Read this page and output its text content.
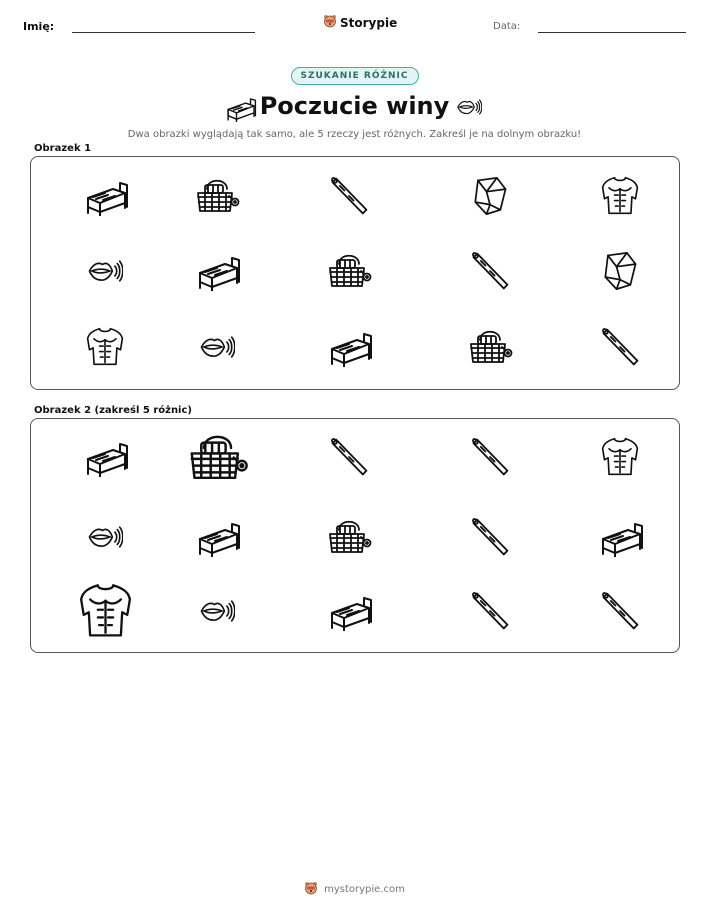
Imię:	Storypie	Data:
SZUKANIE RÓŻNIC
Poczucie winy
Dwa obrazki wyglądają tak samo, ale 5 rzeczy jest różnych. Zakreśl je na dolnym obrazku!
Obrazek 1
Obrazek 2 (zakreśl 5 różnic)
mystorypie.com
